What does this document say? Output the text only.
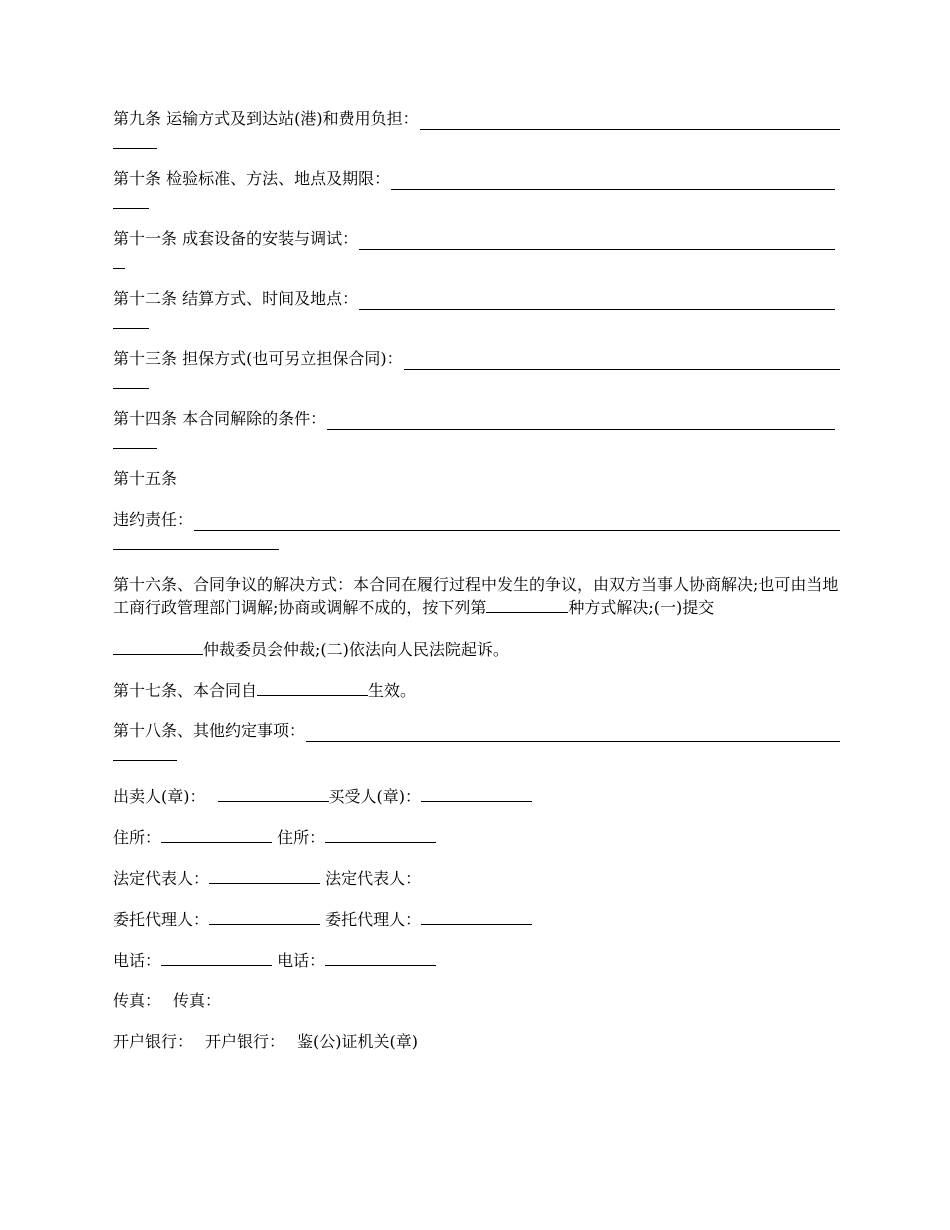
第九条 运输方式及到达站(港)和费用负担：
第十条 检验标准、方法、地点及期限：
第十一条 成套设备的安装与调试：
第十二条 结算方式、时间及地点：
第十三条 担保方式(也可另立担保合同)：
第十四条 本合同解除的条件：
第十五条
违约责任：
第十六条、合同争议的解决方式：本合同在履行过程中发生的争议，由双方当事人协商解决;也可由当地工商行政管理部门调解;协商或调解不成的，按下列第	种方式解决;(一)提交
仲裁委员会仲裁;(二)依法向人民法院起诉。
第十七条、本合同自	生效。
第十八条、其他约定事项：
出卖人(章)：	买受人(章)：
住所：	住所：
法定代表人：	法定代表人：
委托代理人：	委托代理人：
电话：	电话：
传真： 传真：
开户银行： 开户银行： 鉴(公)证机关(章)
